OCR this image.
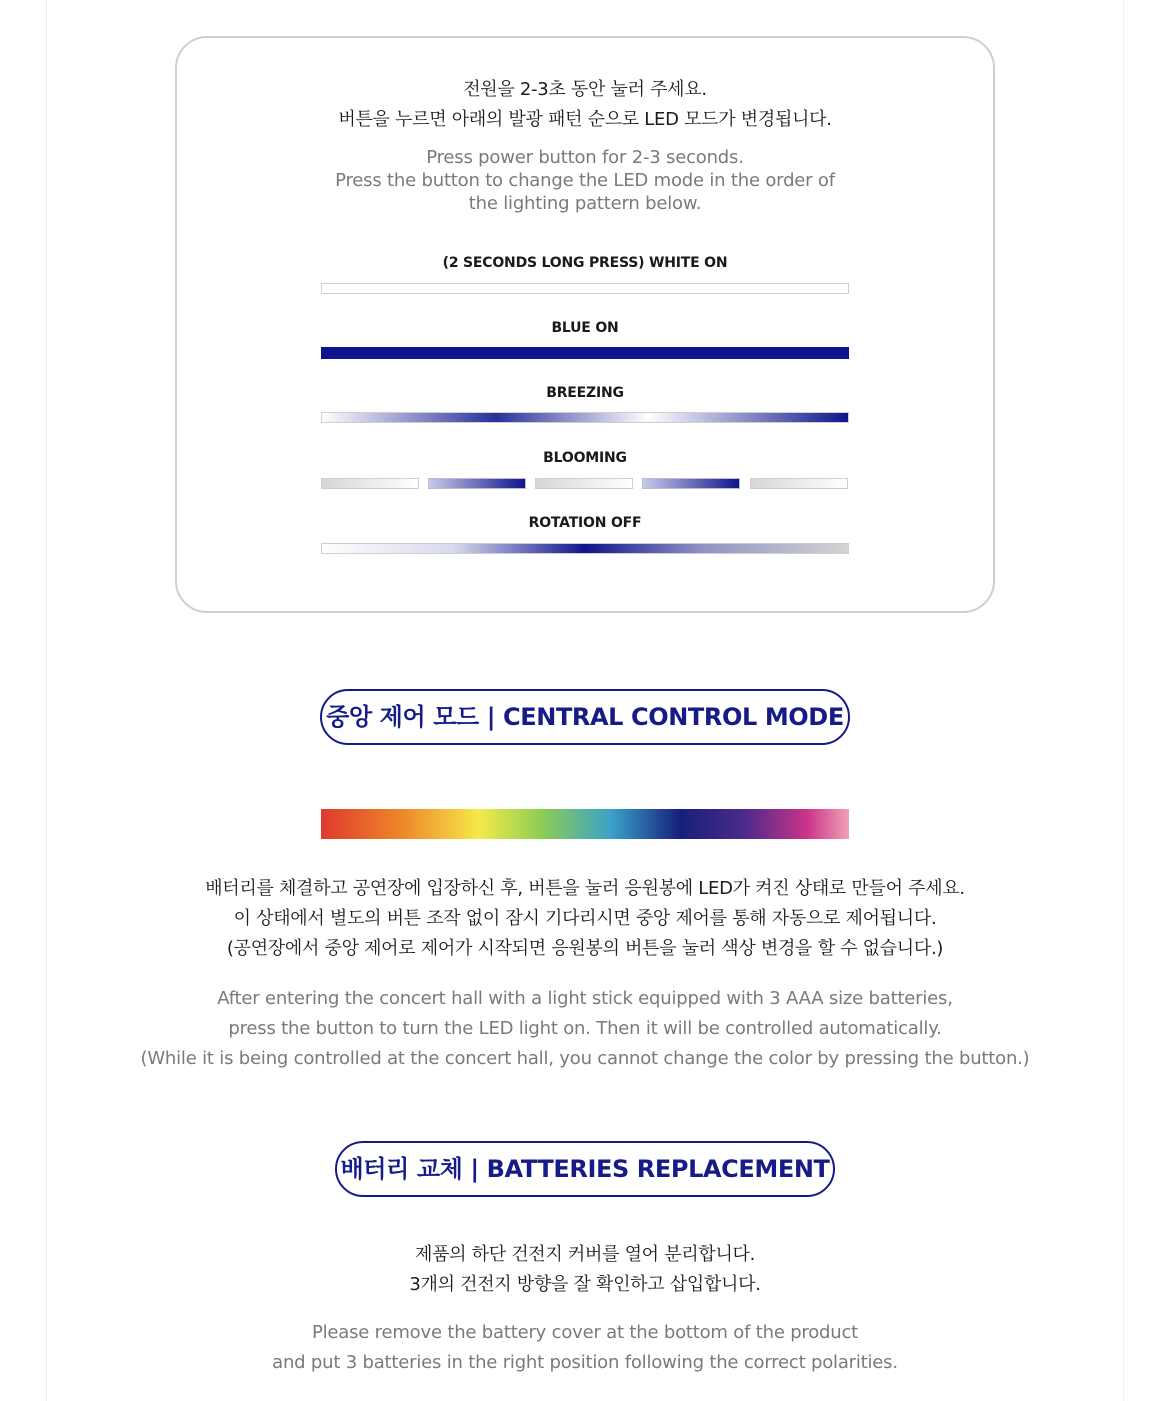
전원을 2-3초 동안 눌러 주세요.
버튼을 누르면 아래의 발광 패턴 순으로 LED 모드가 변경됩니다.
Press power button for 2-3 seconds.
Press the button to change the LED mode in the order of
the lighting pattern below.
(2 SECONDS LONG PRESS) WHITE ON
BLUE ON
BREEZING
BLOOMING
ROTATION OFF
중앙 제어 모드 | CENTRAL CONTROL MODE
배터리를 체결하고 공연장에 입장하신 후, 버튼을 눌러 응원봉에 LED가 켜진 상태로 만들어 주세요.
이 상태에서 별도의 버튼 조작 없이 잠시 기다리시면 중앙 제어를 통해 자동으로 제어됩니다.
(공연장에서 중앙 제어로 제어가 시작되면 응원봉의 버튼을 눌러 색상 변경을 할 수 없습니다.)
After entering the concert hall with a light stick equipped with 3 AAA size batteries,
press the button to turn the LED light on. Then it will be controlled automatically.
(While it is being controlled at the concert hall, you cannot change the color by pressing the button.)
배터리 교체 | BATTERIES REPLACEMENT
제품의 하단 건전지 커버를 열어 분리합니다.
3개의 건전지 방향을 잘 확인하고 삽입합니다.
Please remove the battery cover at the bottom of the product
and put 3 batteries in the right position following the correct polarities.
